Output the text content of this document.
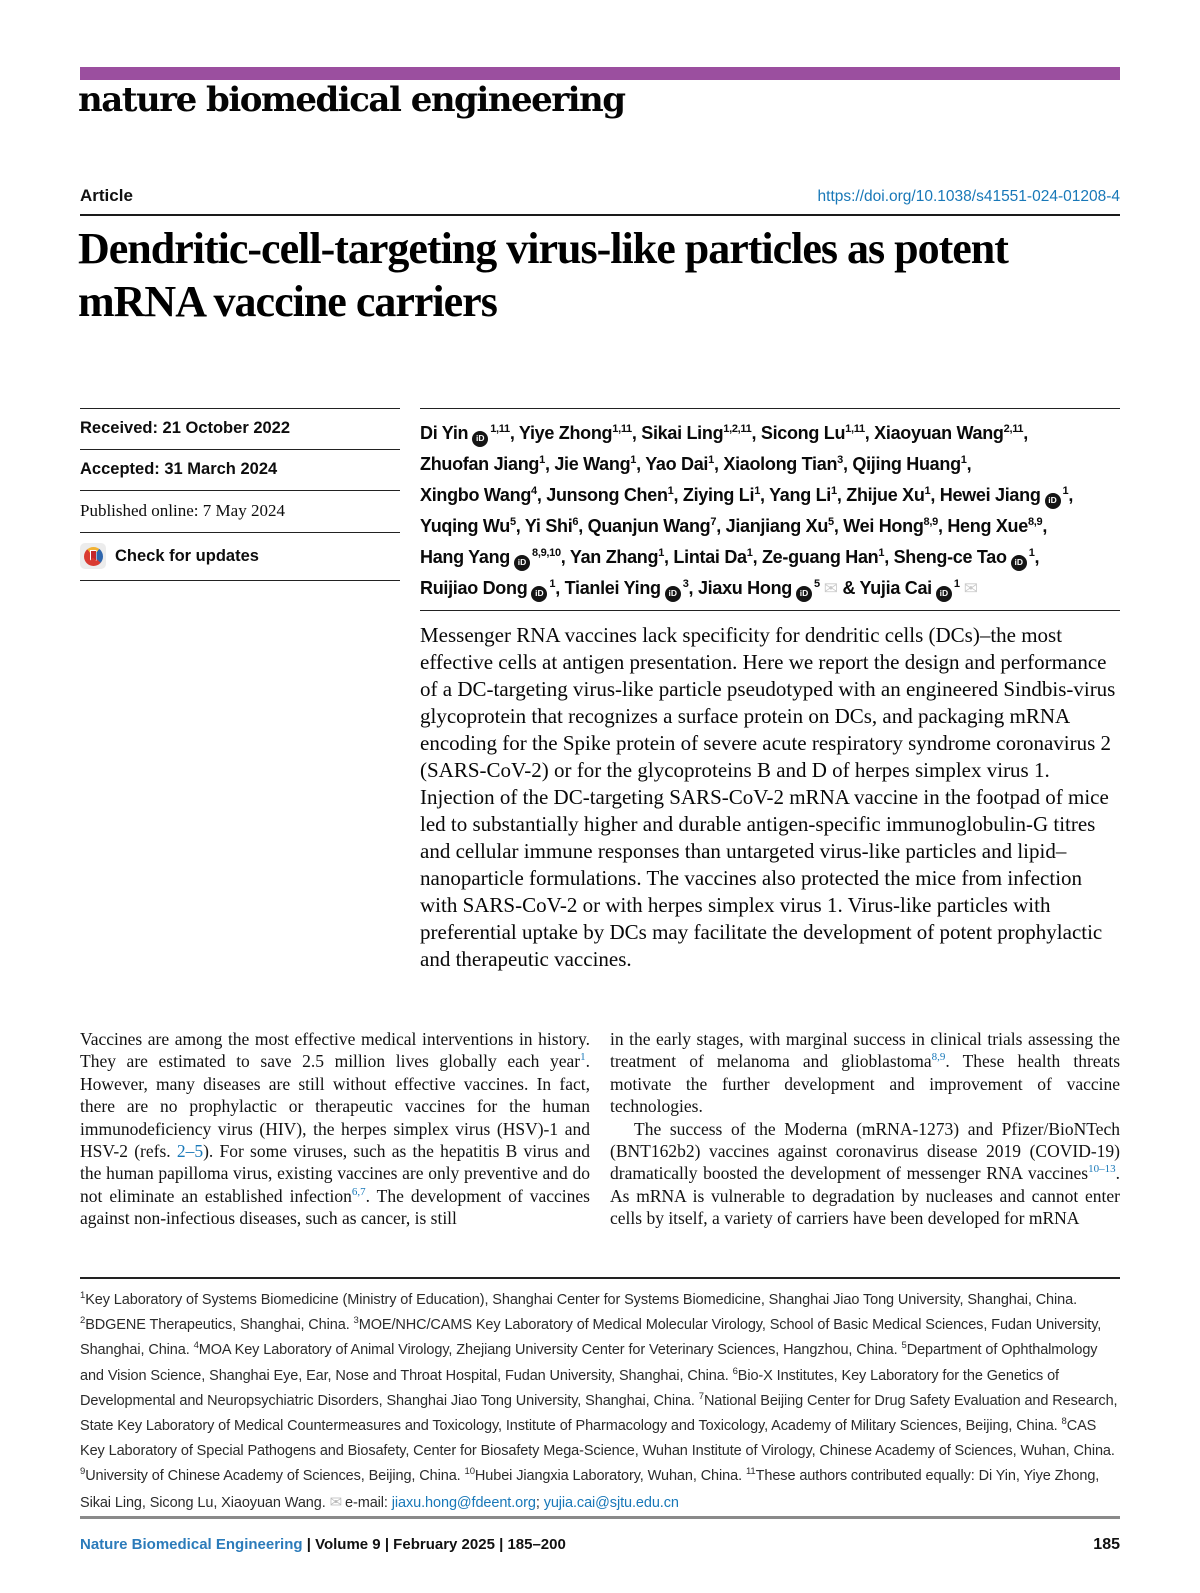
nature biomedical engineering
Article	https://doi.org/10.1038/s41551-024-01208-4
Dendritic-cell-targeting virus-like particles as potent mRNA vaccine carriers
Received: 21 October 2022
Accepted: 31 March 2024
Published online: 7 May 2024
Check for updates
Di Yin iD$^{1,11}$, Yiye Zhong$^{1,11}$, Sikai Ling$^{1,2,11}$, Sicong Lu$^{1,11}$, Xiaoyuan Wang$^{2,11}$,
Zhuofan Jiang$^1$, Jie Wang$^1$, Yao Dai$^1$, Xiaolong Tian$^3$, Qijing Huang$^1$,
Xingbo Wang$^4$, Junsong Chen$^1$, Ziying Li$^1$, Yang Li$^1$, Zhijue Xu$^1$, Hewei Jiang $iD^1$,
Yuqing Wu$^5$, Yi Shi$^6$, Quanjun Wang$^7$, Jianjiang Xu$^5$, Wei Hong$^{8,9}$, Heng Xue$^{8,9}$,
Hang Yang iD$^{8,9,10}$, Yan Zhang$^1$, Lintai Da$^1$, Ze-guang Han$^1$, Sheng-ce Tao $iD^1$,
Ruijiao Dong $iD^1$, Tianlei Ying $iD^3$, Jiaxu Hong $iD^5$ ✉ & Yujia Cai $iD^1$ ✉
Messenger RNA vaccines lack specificity for dendritic cells (DCs)–the most effective cells at antigen presentation. Here we report the design and performance of a DC-targeting virus-like particle pseudotyped with an engineered Sindbis-virus glycoprotein that recognizes a surface protein on DCs, and packaging mRNA encoding for the Spike protein of severe acute respiratory syndrome coronavirus 2 (SARS-CoV-2) or for the glycoproteins B and D of herpes simplex virus 1. Injection of the DC-targeting SARS-CoV-2 mRNA vaccine in the footpad of mice led to substantially higher and durable antigen-specific immunoglobulin-G titres and cellular immune responses than untargeted virus-like particles and lipid–nanoparticle formulations. The vaccines also protected the mice from infection with SARS-CoV-2 or with herpes simplex virus 1. Virus-like particles with preferential uptake by DCs may facilitate the development of potent prophylactic and therapeutic vaccines.
Vaccines are among the most effective medical interventions in history. They are estimated to save 2.5 million lives globally each year$^1$. However, many diseases are still without effective vaccines. In fact, there are no prophylactic or therapeutic vaccines for the human immunodeficiency virus (HIV), the herpes simplex virus (HSV)-1 and HSV-2 (refs. 2–5). For some viruses, such as the hepatitis B virus and the human papilloma virus, existing vaccines are only preventive and do not eliminate an established infection$^{6,7}$. The development of vaccines against non-infectious diseases, such as cancer, is still
in the early stages, with marginal success in clinical trials assessing the treatment of melanoma and glioblastoma$^{8,9}$. These health threats motivate the further development and improvement of vaccine technologies.
The success of the Moderna (mRNA-1273) and Pfizer/BioNTech (BNT162b2) vaccines against coronavirus disease 2019 (COVID-19) dramatically boosted the development of messenger RNA vaccines$^{10-13}$. As mRNA is vulnerable to degradation by nucleases and cannot enter cells by itself, a variety of carriers have been developed for mRNA
$^1$Key Laboratory of Systems Biomedicine (Ministry of Education), Shanghai Center for Systems Biomedicine, Shanghai Jiao Tong University, Shanghai, China. $^2$BDGENE Therapeutics, Shanghai, China. $^3$MOE/NHC/CAMS Key Laboratory of Medical Molecular Virology, School of Basic Medical Sciences, Fudan University, Shanghai, China. $^4$MOA Key Laboratory of Animal Virology, Zhejiang University Center for Veterinary Sciences, Hangzhou, China. $^5$Department of Ophthalmology and Vision Science, Shanghai Eye, Ear, Nose and Throat Hospital, Fudan University, Shanghai, China. $^6$Bio-X Institutes, Key Laboratory for the Genetics of Developmental and Neuropsychiatric Disorders, Shanghai Jiao Tong University, Shanghai, China. $^7$National Beijing Center for Drug Safety Evaluation and Research, State Key Laboratory of Medical Countermeasures and Toxicology, Institute of Pharmacology and Toxicology, Academy of Military Sciences, Beijing, China. $^8$CAS Key Laboratory of Special Pathogens and Biosafety, Center for Biosafety Mega-Science, Wuhan Institute of Virology, Chinese Academy of Sciences, Wuhan, China. $^9$University of Chinese Academy of Sciences, Beijing, China. $^{10}$Hubei Jiangxia Laboratory, Wuhan, China. $^{11}$These authors contributed equally: Di Yin, Yiye Zhong, Sikai Ling, Sicong Lu, Xiaoyuan Wang. ✉ e-mail: jiaxu.hong@fdeent.org; yujia.cai@sjtu.edu.cn
Nature Biomedical Engineering | Volume 9 | February 2025 | 185–200	185
